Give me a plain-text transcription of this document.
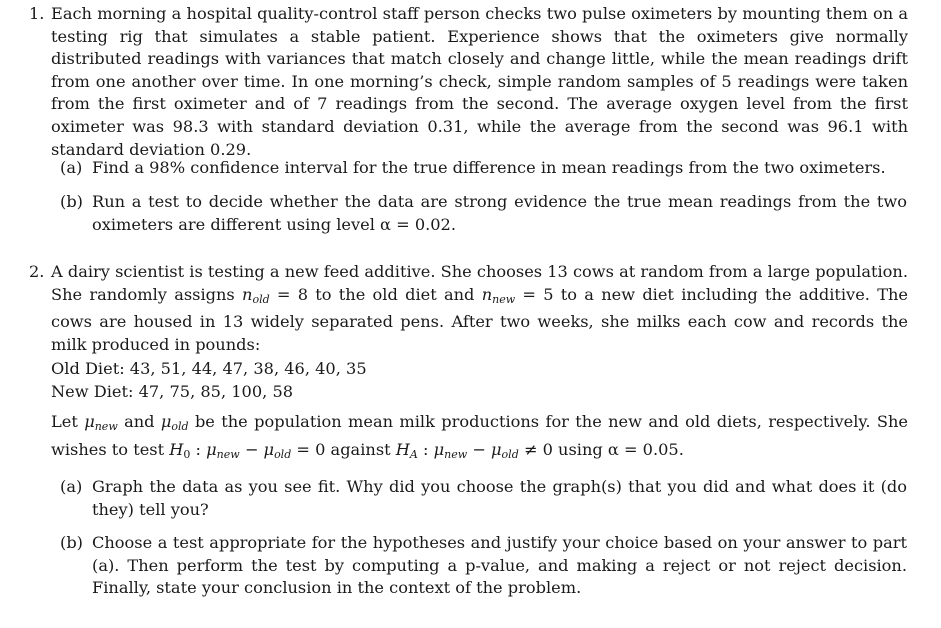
1. Each morning a hospital quality-control staff person checks two pulse oximeters by mounting them on a testing rig that simulates a stable patient. Experience shows that the oximeters give normally distributed readings with variances that match closely and change little, while the mean readings drift from one another over time. In one morning’s check, simple random samples of 5 readings were taken from the first oximeter and of 7 readings from the second. The average oxygen level from the first oximeter was 98.3 with standard deviation 0.31, while the average from the second was 96.1 with standard deviation 0.29.

(a) Find a 98% confidence interval for the true difference in mean readings from the two oximeters.
(b) Run a test to decide whether the data are strong evidence the true mean readings from the two oximeters are different using level α = 0.02.
2. A dairy scientist is testing a new feed additive. She chooses 13 cows at random from a large population. She randomly assigns $n_{old} = 8$ to the old diet and $n_{new} = 5$ to a new diet including the additive. The cows are housed in 13 widely separated pens. After two weeks, she milks each cow and records the milk produced in pounds:

Old Diet: 43, 51, 44, 47, 38, 46, 40, 35
New Diet: 47, 75, 85, 100, 58

Let $\mu_{new}$ and $\mu_{old}$ be the population mean milk productions for the new and old diets, respectively. She wishes to test $H_0$ : $\mu_{new} - \mu_{old} = 0$ against $H_A$ : $\mu_{new} - \mu_{old} \ne 0$ using α = 0.05.

(a) Graph the data as you see fit. Why did you choose the graph(s) that you did and what does it (do they) tell you?
(b) Choose a test appropriate for the hypotheses and justify your choice based on your answer to part (a). Then perform the test by computing a p-value, and making a reject or not reject decision. Finally, state your conclusion in the context of the problem.
